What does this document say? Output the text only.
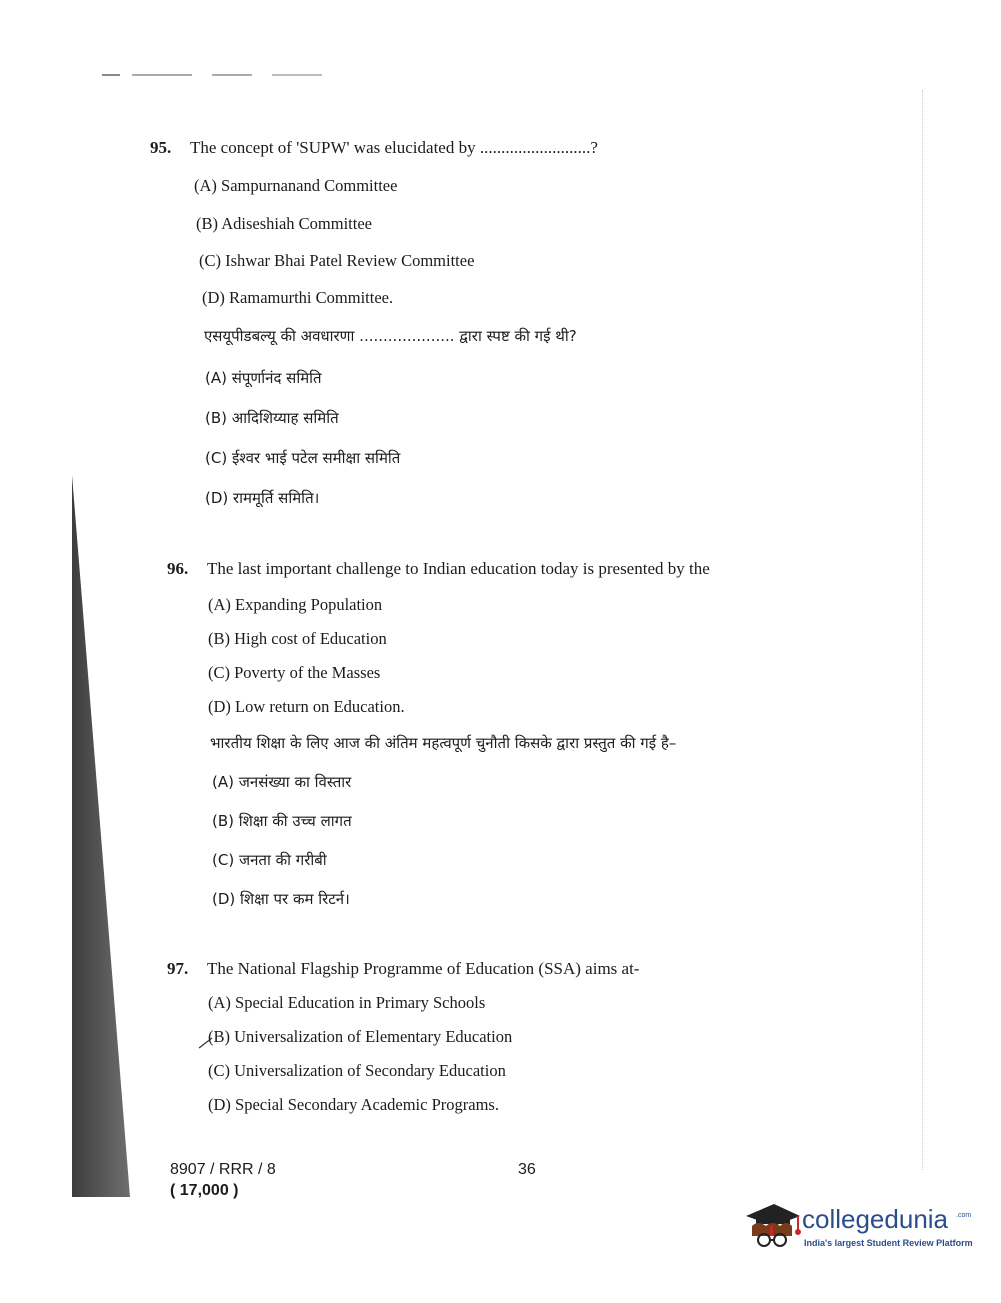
95. The concept of 'SUPW' was elucidated by ..........................?
(A) Sampurnanand Committee
(B) Adiseshiah Committee
(C) Ishwar Bhai Patel Review Committee
(D) Ramamurthi Committee.
एसयूपीडबल्यू की अवधारणा .................... द्वारा स्पष्ट की गई थी?
(A) संपूर्णानंद समिति
(B) आदिशिय्याह समिति
(C) ईश्वर भाई पटेल समीक्षा समिति
(D) राममूर्ति समिति।
96. The last important challenge to Indian education today is presented by the
(A) Expanding Population
(B) High cost of Education
(C) Poverty of the Masses
(D) Low return on Education.
भारतीय शिक्षा के लिए आज की अंतिम महत्वपूर्ण चुनौती किसके द्वारा प्रस्तुत की गई है–
(A) जनसंख्या का विस्तार
(B) शिक्षा की उच्च लागत
(C) जनता की गरीबी
(D) शिक्षा पर कम रिटर्न।
97. The National Flagship Programme of Education (SSA) aims at-
(A) Special Education in Primary Schools
(B) Universalization of Elementary Education
(C) Universalization of Secondary Education
(D) Special Secondary Academic Programs.
8907 / RRR / 8
( 17,000 )
36
collegedunia .com
India's largest Student Review Platform
